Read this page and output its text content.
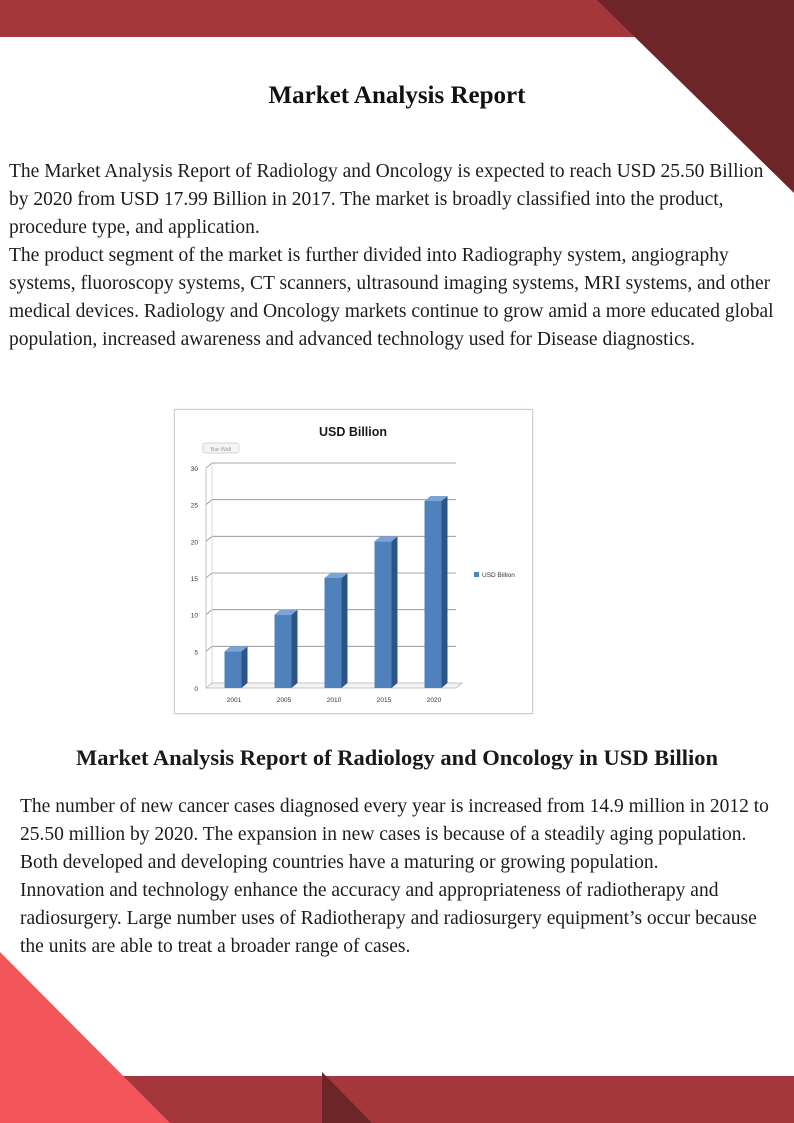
Market Analysis Report

The Market Analysis Report of Radiology and Oncology is expected to reach USD 25.50 Billion by 2020 from USD 17.99 Billion in 2017. The market is broadly classified into the product, procedure type, and application.

The product segment of the market is further divided into Radiography system, angiography systems, fluoroscopy systems, CT scanners, ultrasound imaging systems, MRI systems, and other medical devices. Radiology and Oncology markets continue to grow amid a more educated global population, increased awareness and advanced technology used for Disease diagnostics.

USD Billion
Bar Wall
0
5
10
15
20
25
30
2001	2005	2010	2015	2020
USD Billion
Market Analysis Report of Radiology and Oncology in USD Billion

The number of new cancer cases diagnosed every year is increased from 14.9 million in 2012 to 25.50 million by 2020. The expansion in new cases is because of a steadily aging population. Both developed and developing countries have a maturing or growing population.

Innovation and technology enhance the accuracy and appropriateness of radiotherapy and radiosurgery. Large number uses of Radiotherapy and radiosurgery equipment’s occur because the units are able to treat a broader range of cases.
